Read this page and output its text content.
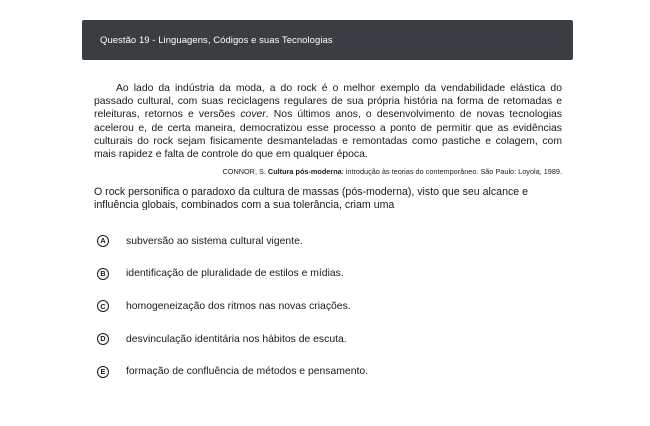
Questão 19 - Linguagens, Códigos e suas Tecnologias

Ao lado da indústria da moda, a do rock é o melhor exemplo da vendabilidade elástica do passado cultural, com suas reciclagens regulares de sua própria história na forma de retomadas e releituras, retornos e versões cover. Nos últimos anos, o desenvolvimento de novas tecnologias acelerou e, de certa maneira, democratizou esse processo a ponto de permitir que as evidências culturais do rock sejam fisicamente desmanteladas e remontadas como pastiche e colagem, com mais rapidez e falta de controle do que em qualquer época.

CONNOR, S. Cultura pós-moderna: introdução às teorias do contemporâneo. São Paulo: Loyola, 1989.

O rock personifica o paradoxo da cultura de massas (pós-moderna), visto que seu alcance e influência globais, combinados com a sua tolerância, criam uma

A	subversão ao sistema cultural vigente.
B	identificação de pluralidade de estilos e mídias.
C	homogeneização dos ritmos nas novas criações.
D	desvinculação identitária nos hábitos de escuta.
E	formação de confluência de métodos e pensamento.
